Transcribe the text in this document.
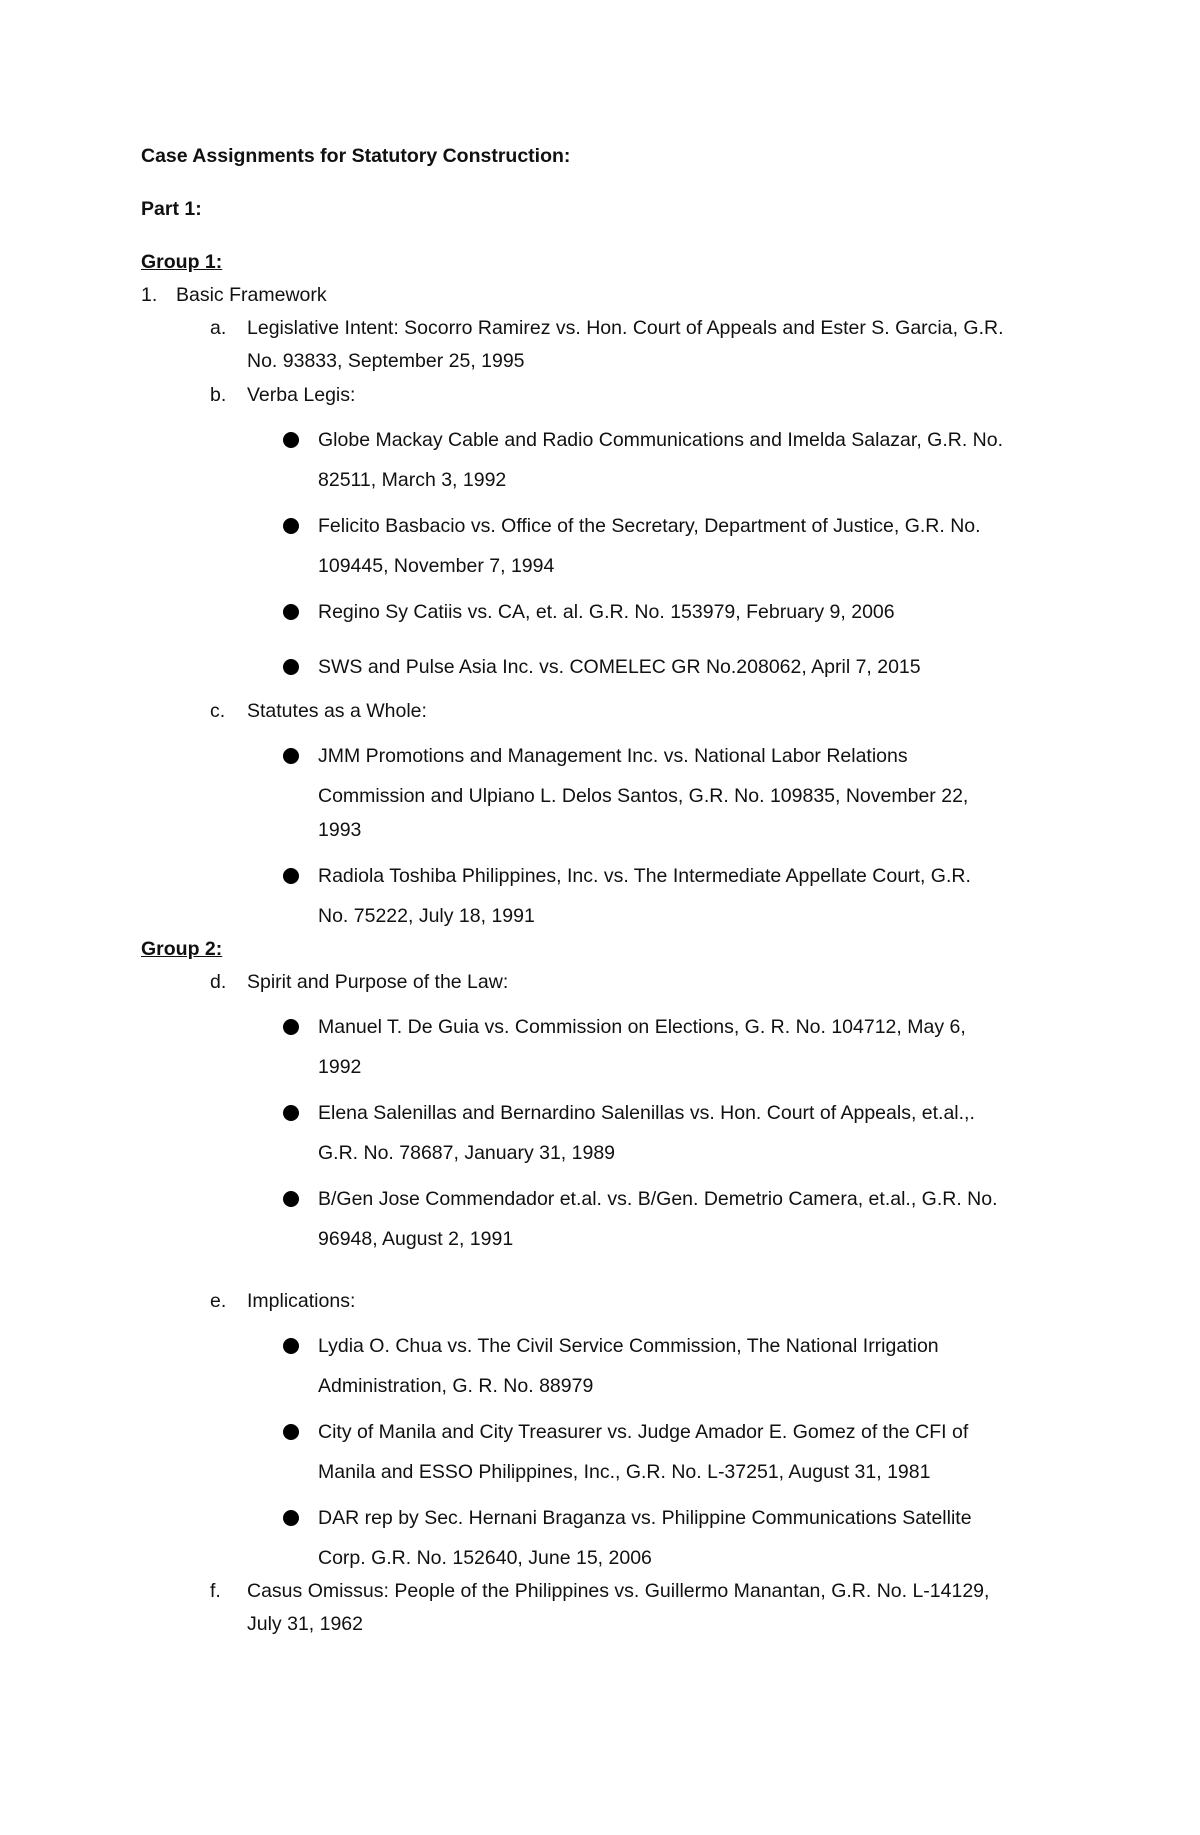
Case Assignments for Statutory Construction:
Part 1:
Group 1:
1. Basic Framework
a. Legislative Intent: Socorro Ramirez vs. Hon. Court of Appeals and Ester S. Garcia, G.R.
No. 93833, September 25, 1995
b. Verba Legis:
Globe Mackay Cable and Radio Communications and Imelda Salazar, G.R. No.
82511, March 3, 1992
Felicito Basbacio vs. Office of the Secretary, Department of Justice, G.R. No.
109445, November 7, 1994
Regino Sy Catiis vs. CA, et. al. G.R. No. 153979, February 9, 2006
SWS and Pulse Asia Inc. vs. COMELEC GR No.208062, April 7, 2015
c. Statutes as a Whole:
JMM Promotions and Management Inc. vs. National Labor Relations
Commission and Ulpiano L. Delos Santos, G.R. No. 109835, November 22,
1993
Radiola Toshiba Philippines, Inc. vs. The Intermediate Appellate Court, G.R.
No. 75222, July 18, 1991
Group 2:
d. Spirit and Purpose of the Law:
Manuel T. De Guia vs. Commission on Elections, G. R. No. 104712, May 6,
1992
Elena Salenillas and Bernardino Salenillas vs. Hon. Court of Appeals, et.al.,.
G.R. No. 78687, January 31, 1989
B/Gen Jose Commendador et.al. vs. B/Gen. Demetrio Camera, et.al., G.R. No.
96948, August 2, 1991
e. Implications:
Lydia O. Chua vs. The Civil Service Commission, The National Irrigation
Administration, G. R. No. 88979
City of Manila and City Treasurer vs. Judge Amador E. Gomez of the CFI of
Manila and ESSO Philippines, Inc., G.R. No. L-37251, August 31, 1981
DAR rep by Sec. Hernani Braganza vs. Philippine Communications Satellite
Corp. G.R. No. 152640, June 15, 2006
f. Casus Omissus: People of the Philippines vs. Guillermo Manantan, G.R. No. L-14129,
July 31, 1962
